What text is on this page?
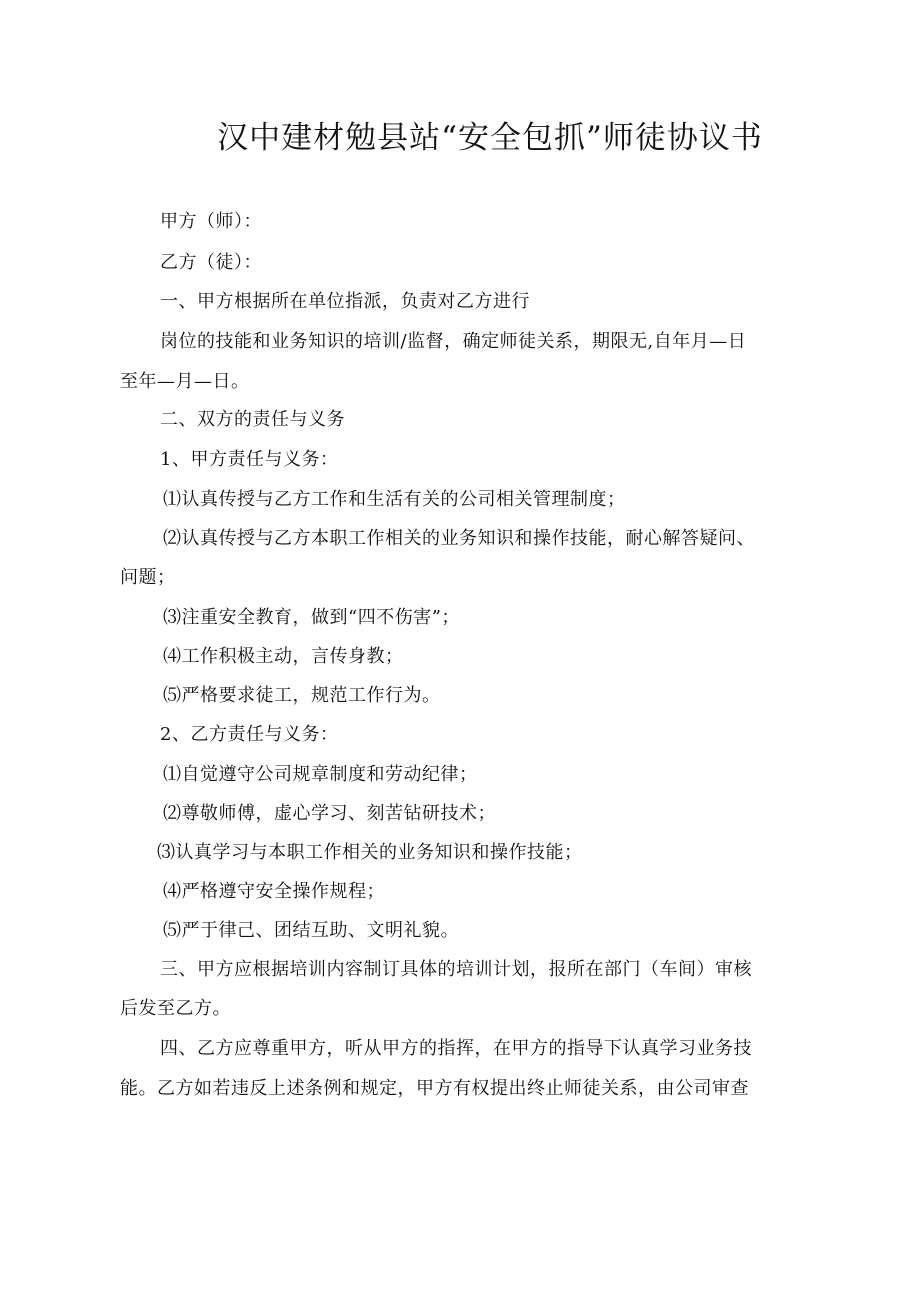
汉中建材勉县站“安全包抓”师徒协议书
甲方（师）：
乙方（徒）：
一、甲方根据所在单位指派，负责对乙方进行
岗位的技能和业务知识的培训/监督，确定师徒关系，期限无,自年月—日
至年—月—日。
二、双方的责任与义务
1、甲方责任与义务：
⑴认真传授与乙方工作和生活有关的公司相关管理制度；
⑵认真传授与乙方本职工作相关的业务知识和操作技能，耐心解答疑问、
问题；
⑶注重安全教育，做到“四不伤害”；
⑷工作积极主动，言传身教；
⑸严格要求徒工，规范工作行为。
2、乙方责任与义务：
⑴自觉遵守公司规章制度和劳动纪律；
⑵尊敬师傅，虚心学习、刻苦钻研技术；
⑶认真学习与本职工作相关的业务知识和操作技能；
⑷严格遵守安全操作规程；
⑸严于律己、团结互助、文明礼貌。
三、甲方应根据培训内容制订具体的培训计划，报所在部门（车间）审核
后发至乙方。
四、乙方应尊重甲方，听从甲方的指挥，在甲方的指导下认真学习业务技
能。乙方如若违反上述条例和规定，甲方有权提出终止师徒关系，由公司审查
